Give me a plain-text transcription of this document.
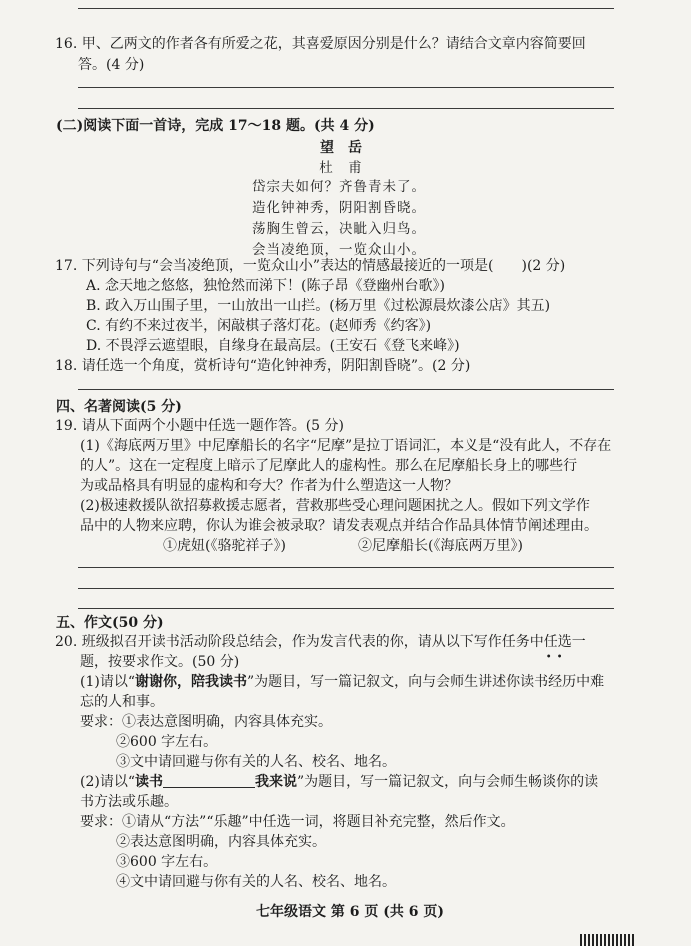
16. 甲、乙两文的作者各有所爱之花，其喜爱原因分别是什么？请结合文章内容简要回
答。(4 分)
(二)阅读下面一首诗，完成 17～18 题。(共 4 分)
望　岳
杜　甫
岱宗夫如何？齐鲁青未了。
造化钟神秀，阴阳割昏晓。
荡胸生曾云，决眦入归鸟。
会当凌绝顶，一览众山小。
17. 下列诗句与“会当凌绝顶，一览众山小”表达的情感最接近的一项是(　　)(2 分)
A. 念天地之悠悠，独怆然而涕下！(陈子昂《登幽州台歌》)
B. 政入万山围子里，一山放出一山拦。(杨万里《过松源晨炊漆公店》其五)
C. 有约不来过夜半，闲敲棋子落灯花。(赵师秀《约客》)
D. 不畏浮云遮望眼，自缘身在最高层。(王安石《登飞来峰》)
18. 请任选一个角度，赏析诗句“造化钟神秀，阴阳割昏晓”。(2 分)
四、名著阅读(5 分)
19. 请从下面两个小题中任选一题作答。(5 分)
(1)《海底两万里》中尼摩船长的名字“尼摩”是拉丁语词汇，本义是“没有此人，不存在
的人”。这在一定程度上暗示了尼摩此人的虚构性。那么在尼摩船长身上的哪些行
为或品格具有明显的虚构和夸大？作者为什么塑造这一人物？
(2)极速救援队欲招募救援志愿者，营救那些受心理问题困扰之人。假如下列文学作
品中的人物来应聘，你认为谁会被录取？请发表观点并结合作品具体情节阐述理由。
①虎妞(《骆驼祥子》)	②尼摩船长(《海底两万里》)
五、作文(50 分)
20. 班级拟召开读书活动阶段总结会，作为发言代表的你，请从以下写作任务中任选
••
一
题，按要求作文。(50 分)
(1)请以“谢谢你，陪我读书”为题目，写一篇记叙文，向与会师生讲述你读书经历中难
忘的人和事。
要求：①表达意图明确，内容具体充实。
②600 字左右。
③文中请回避与你有关的人名、校名、地名。
(2)请以“读书	我来说”为题目，写一篇记叙文，向与会师生畅谈你的读
书方法或乐趣。
要求：①请从“方法”“乐趣”中任选一词，将题目补充完整，然后作文。
②表达意图明确，内容具体充实。
③600 字左右。
④文中请回避与你有关的人名、校名、地名。
七年级语文 第 6 页 (共 6 页)
